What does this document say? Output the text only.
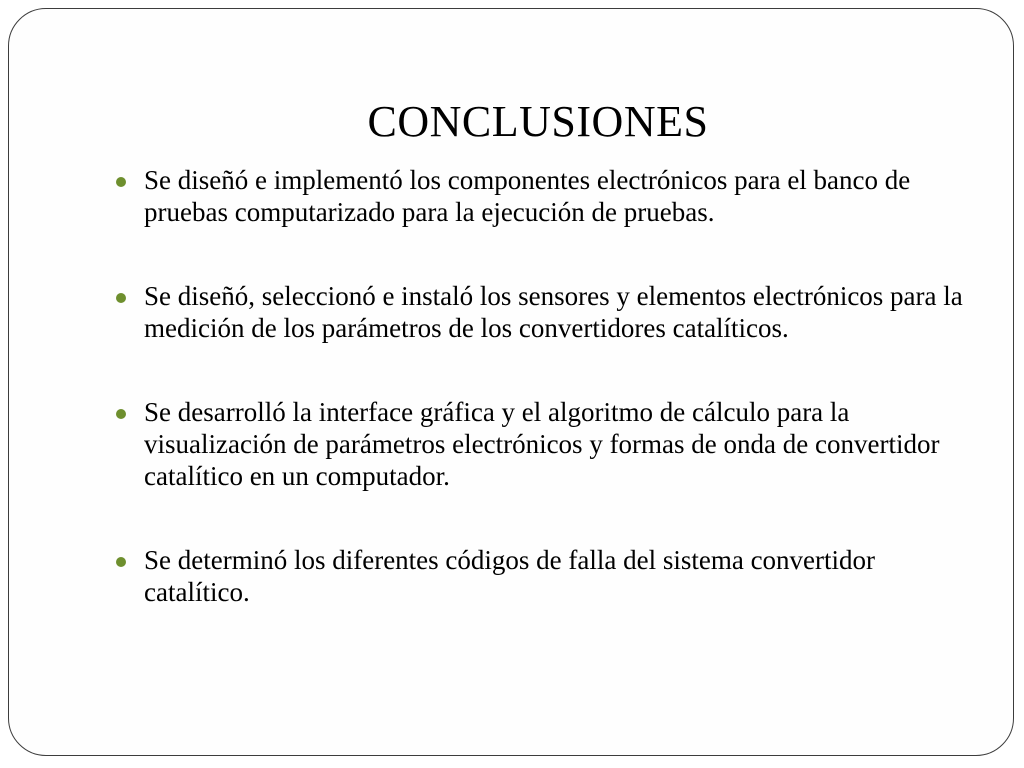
CONCLUSIONES
Se diseñó e implementó los componentes electrónicos para el banco de pruebas computarizado para la ejecución de pruebas.
Se diseñó, seleccionó e instaló los sensores y elementos electrónicos para la medición de los parámetros de los convertidores catalíticos.
Se desarrolló la interface gráfica y el algoritmo de cálculo para la visualización de parámetros electrónicos y formas de onda de convertidor catalítico en un computador.
Se determinó los diferentes códigos de falla del sistema convertidor catalítico.
